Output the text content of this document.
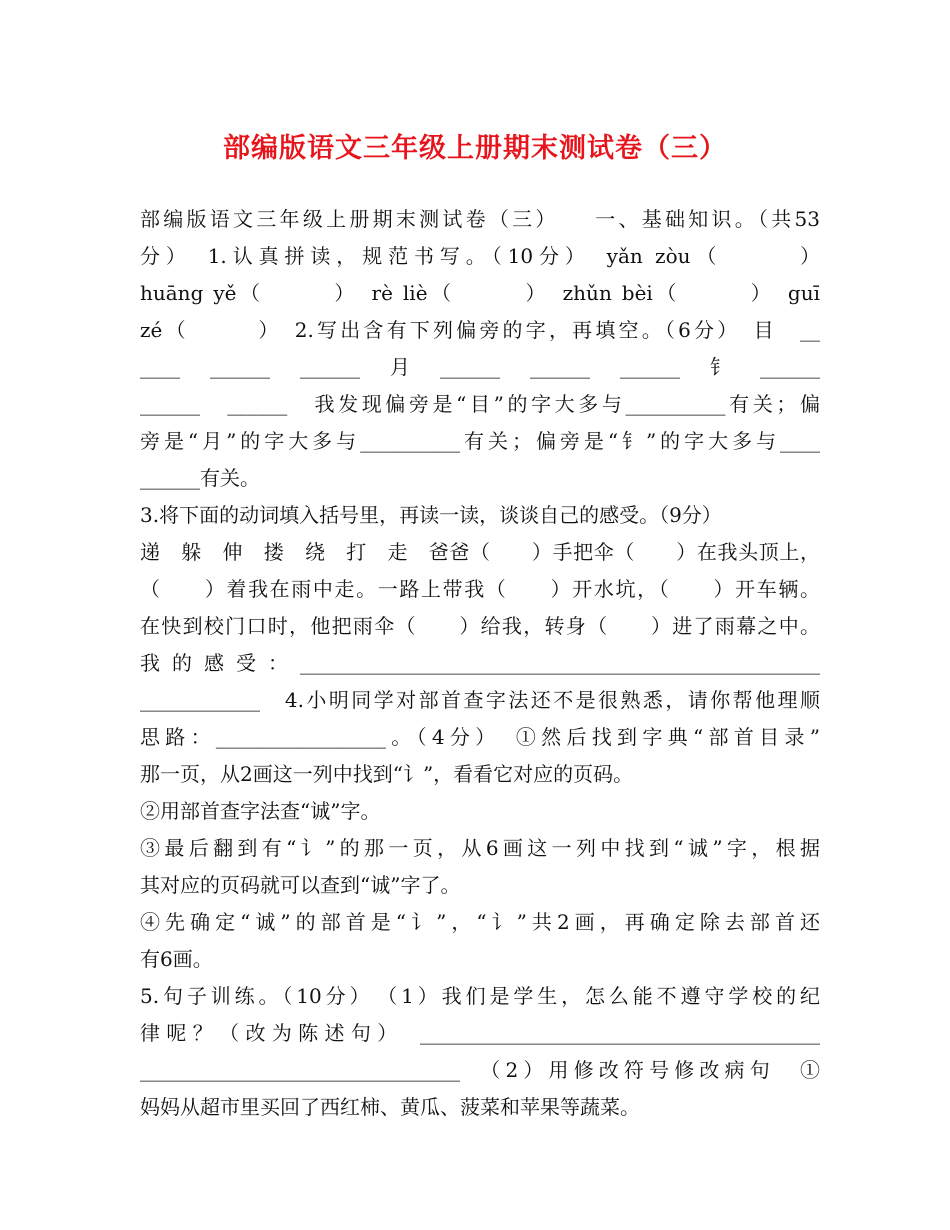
部编版语文三年级上册期末测试卷（三）
部编版语文三年级上册期末测试卷（三）　　一、基础知识。（共53
分）　1.认真拼读，规范书写。（10分）　yǎn zòu（　　　）
huāng yě（　　　）　rè liè（　　　）　zhǔn bèi（　　　）　guī
zé（　　　）　2.写出含有下列偏旁的字，再填空。（6分）　目　__
____　______　______　月　______　______　______　钅　______
______　______　我发现偏旁是“目”的字大多与__________有关；偏
旁是“月”的字大多与__________有关；偏旁是“钅”的字大多与____
______有关。
3.将下面的动词填入括号里，再读一读，谈谈自己的感受。（9分）
递　躲　伸　搂　绕　打　走　爸爸（　　）手把伞（　　）在我头顶上，
（　　）着我在雨中走。一路上带我（　　）开水坑，（　　）开车辆。
在快到校门口时，他把雨伞（　　）给我，转身（　　）进了雨幕之中。
我的感受：____________________________________________________
____________　4.小明同学对部首查字法还不是很熟悉，请你帮他理顺
思路：_________________。（4分）　①然后找到字典“部首目录”
那一页，从2画这一列中找到“讠”，看看它对应的页码。
②用部首查字法查“诚”字。
③最后翻到有“讠”的那一页，从6画这一列中找到“诚”字，根据
其对应的页码就可以查到“诚”字了。
④先确定“诚”的部首是“讠”，“讠”共2画，再确定除去部首还
有6画。
5.句子训练。（10分）　（1）我们是学生，怎么能不遵守学校的纪
律呢？（改为陈述句）　________________________________________
________________________________　（2）用修改符号修改病句　①
妈妈从超市里买回了西红柿、黄瓜、菠菜和苹果等蔬菜。
